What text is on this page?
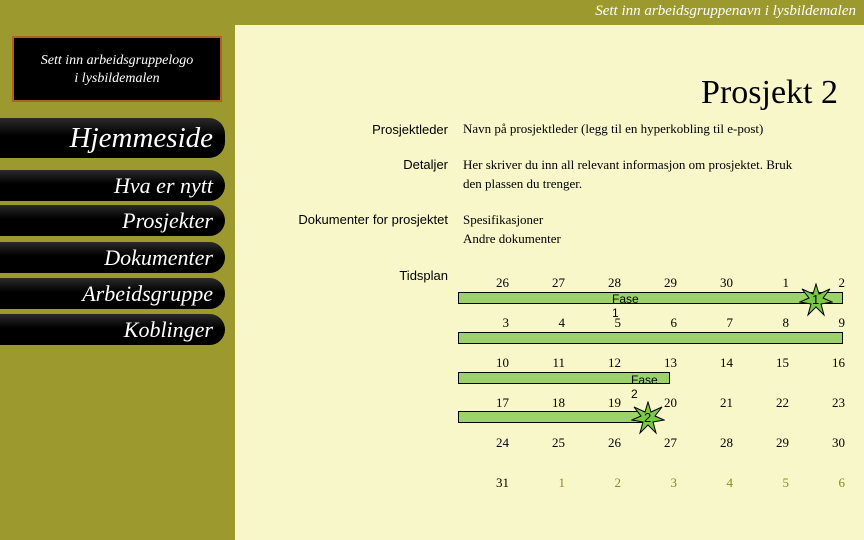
Sett inn arbeidsgruppenavn i lysbildemalen
Sett inn arbeidsgruppelogo
i lysbildemalen
Hjemmeside
Hva er nytt
Prosjekter
Dokumenter
Arbeidsgruppe
Koblinger
Prosjekt 2
Prosjektleder Navn på prosjektleder (legg til en hyperkobling til e-post)
Detaljer Her skriver du inn all relevant informasjon om prosjektet. Bruk
den plassen du trenger.
Dokumenter for prosjektet Spesifikasjoner
Andre dokumenter
Tidsplan
Fase 1
Fase 2
1
2
26	27	28	29	30	1	2
3	4	5	6	7	8	9
10	11	12	13	14	15	16
17	18	19	20	21	22	23
24	25	26	27	28	29	30
31	1	2	3	4	5	6
